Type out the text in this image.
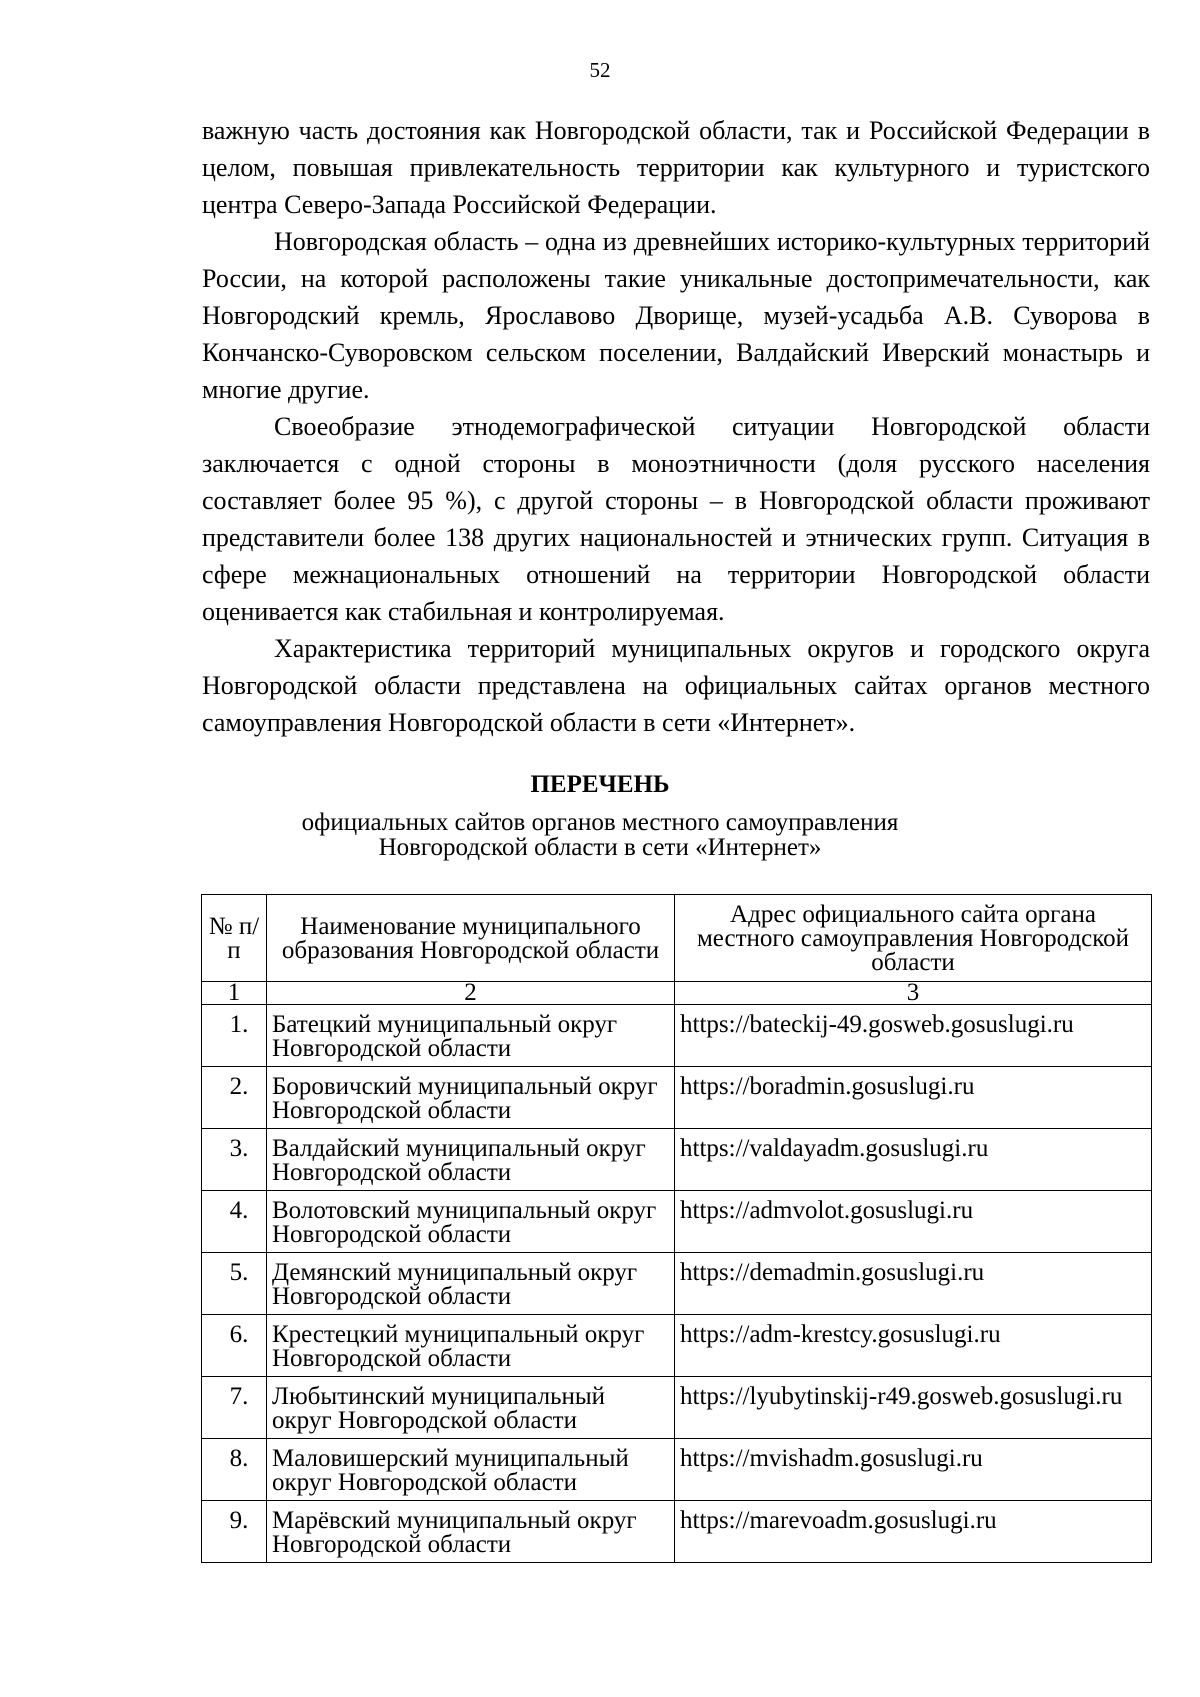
52

важную часть достояния как Новгородской области, так и Российской Федерации в целом, повышая привлекательность территории как культурного и туристского центра Северо-Запада Российской Федерации.

Новгородская область – одна из древнейших историко-культурных территорий России, на которой расположены такие уникальные достопримечательности, как Новгородский кремль, Ярославово Дворище, музей-усадьба А.В. Суворова в Кончанско-Суворовском сельском поселении, Валдайский Иверский монастырь и многие другие.

Своеобразие этнодемографической ситуации Новгородской области заключается с одной стороны в моноэтничности (доля русского населения составляет более 95 %), с другой стороны – в Новгородской области проживают представители более 138 других национальностей и этнических групп. Ситуация в сфере межнациональных отношений на территории Новгородской области оценивается как стабильная и контролируемая.

Характеристика территорий муниципальных округов и городского округа Новгородской области представлена на официальных сайтах органов местного самоуправления Новгородской области в сети «Интернет».

ПЕРЕЧЕНЬ
официальных сайтов органов местного самоуправления
Новгородской области в сети «Интернет»
№ п/п	Наименование муниципального образования Новгородской области	Адрес официального сайта органа местного самоуправления Новгородской области
1	2	3
1.	Батецкий муниципальный округ Новгородской области	https://bateckij-49.gosweb.gosuslugi.ru
2.	Боровичский муниципальный округ Новгородской области	https://boradmin.gosuslugi.ru
3.	Валдайский муниципальный округ Новгородской области	https://valdayadm.gosuslugi.ru
4.	Волотовский муниципальный округ Новгородской области	https://admvolot.gosuslugi.ru
5.	Демянский муниципальный округ Новгородской области	https://demadmin.gosuslugi.ru
6.	Крестецкий муниципальный округ Новгородской области	https://adm-krestcy.gosuslugi.ru
7.	Любытинский муниципальный округ Новгородской области	https://lyubytinskij-r49.gosweb.gosuslugi.ru
8.	Маловишерский муниципальный округ Новгородской области	https://mvishadm.gosuslugi.ru
9.	Марёвский муниципальный округ Новгородской области	https://marevoadm.gosuslugi.ru
